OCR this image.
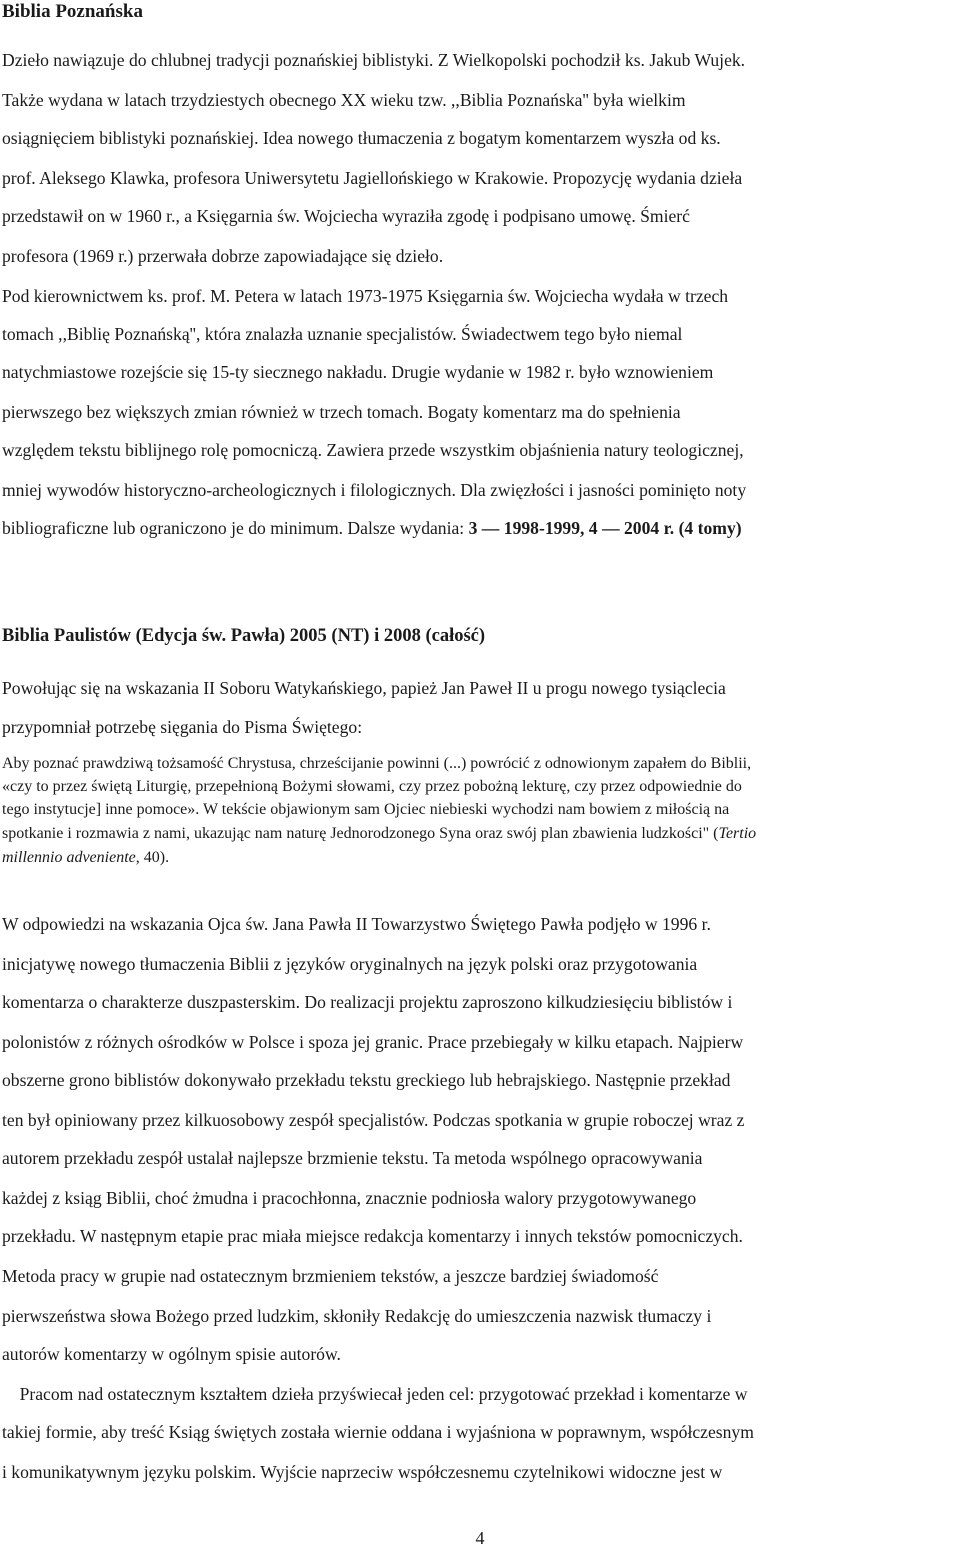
Biblia Poznańska
Dzieło nawiązuje do chlubnej tradycji poznańskiej biblistyki. Z Wielkopolski pochodził ks. Jakub Wujek.
Także wydana w latach trzydziestych obecnego XX wieku tzw. ,,Biblia Poznańska'' była wielkim
osiągnięciem biblistyki poznańskiej. Idea nowego tłumaczenia z bogatym komentarzem wyszła od ks.
prof. Aleksego Klawka, profesora Uniwersytetu Jagiellońskiego w Krakowie. Propozycję wydania dzieła
przedstawił on w 1960 r., a Księgarnia św. Wojciecha wyraziła zgodę i podpisano umowę. Śmierć
profesora (1969 r.) przerwała dobrze zapowiadające się dzieło.
Pod kierownictwem ks. prof. M. Petera w latach 1973-1975 Księgarnia św. Wojciecha wydała w trzech
tomach ,,Biblię Poznańską'', która znalazła uznanie specjalistów. Świadectwem tego było niemal
natychmiastowe rozejście się 15-ty siecznego nakładu. Drugie wydanie w 1982 r. było wznowieniem
pierwszego bez większych zmian również w trzech tomach. Bogaty komentarz ma do spełnienia
względem tekstu biblijnego rolę pomocniczą. Zawiera przede wszystkim objaśnienia natury teologicznej,
mniej wywodów historyczno-archeologicznych i filologicznych. Dla zwięzłości i jasności pominięto noty
bibliograficzne lub ograniczono je do minimum. Dalsze wydania: 3 — 1998-1999, 4 — 2004 r. (4 tomy)
Biblia Paulistów (Edycja św. Pawła) 2005 (NT) i 2008 (całość)
Powołując się na wskazania II Soboru Watykańskiego, papież Jan Paweł II u progu nowego tysiąclecia
przypomniał potrzebę sięgania do Pisma Świętego:
Aby poznać prawdziwą tożsamość Chrystusa, chrześcijanie powinni (...) powrócić z odnowionym zapałem do Biblii,
«czy to przez świętą Liturgię, przepełnioną Bożymi słowami, czy przez pobożną lekturę, czy przez odpowiednie do
tego instytucje] inne pomoce». W tekście objawionym sam Ojciec niebieski wychodzi nam bowiem z miłością na
spotkanie i rozmawia z nami, ukazując nam naturę Jednorodzonego Syna oraz swój plan zbawienia ludzkości" (Tertio
millennio adveniente, 40).
W odpowiedzi na wskazania Ojca św. Jana Pawła II Towarzystwo Świętego Pawła podjęło w 1996 r.
inicjatywę nowego tłumaczenia Biblii z języków oryginalnych na język polski oraz przygotowania
komentarza o charakterze duszpasterskim. Do realizacji projektu zaproszono kilkudziesięciu biblistów i
polonistów z różnych ośrodków w Polsce i spoza jej granic. Prace przebiegały w kilku etapach. Najpierw
obszerne grono biblistów dokonywało przekładu tekstu greckiego lub hebrajskiego. Następnie przekład
ten był opiniowany przez kilkuosobowy zespół specjalistów. Podczas spotkania w grupie roboczej wraz z
autorem przekładu zespół ustalał najlepsze brzmienie tekstu. Ta metoda wspólnego opracowywania
każdej z ksiąg Biblii, choć żmudna i pracochłonna, znacznie podniosła walory przygotowywanego
przekładu. W następnym etapie prac miała miejsce redakcja komentarzy i innych tekstów pomocniczych.
Metoda pracy w grupie nad ostatecznym brzmieniem tekstów, a jeszcze bardziej świadomość
pierwszeństwa słowa Bożego przed ludzkim, skłoniły Redakcję do umieszczenia nazwisk tłumaczy i
autorów komentarzy w ogólnym spisie autorów.
Pracom nad ostatecznym kształtem dzieła przyświecał jeden cel: przygotować przekład i komentarze w
takiej formie, aby treść Ksiąg świętych została wiernie oddana i wyjaśniona w poprawnym, współczesnym
i komunikatywnym języku polskim. Wyjście naprzeciw współczesnemu czytelnikowi widoczne jest w
4
